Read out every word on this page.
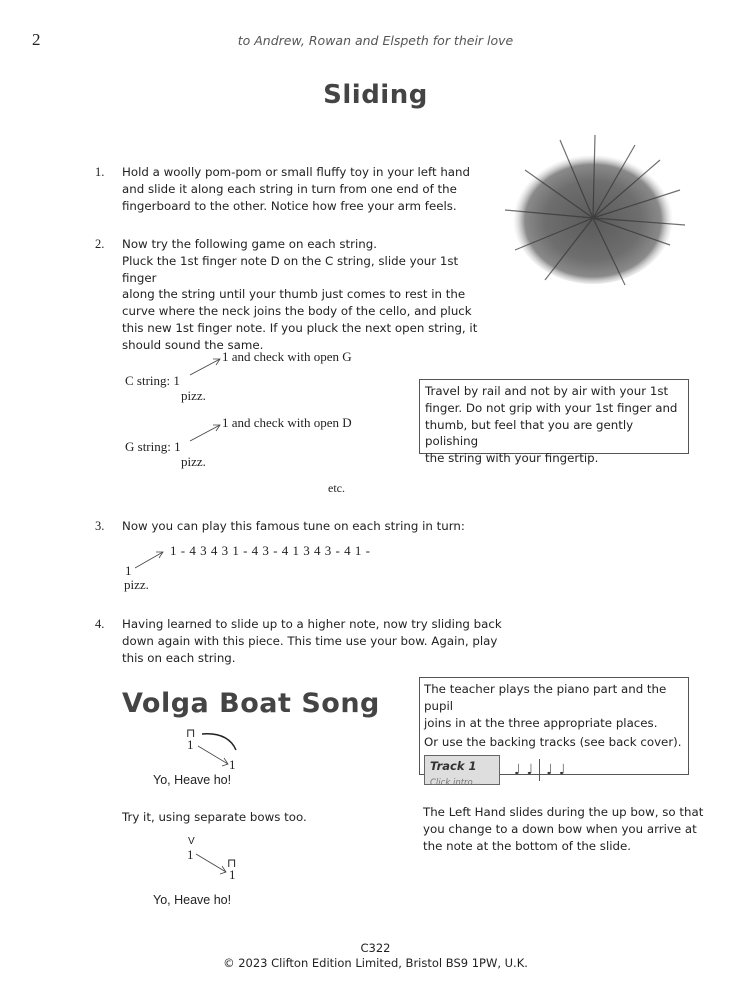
2	to Andrew, Rowan and Elspeth for their love
Sliding
1. Hold a woolly pom-pom or small fluffy toy in your left hand
and slide it along each string in turn from one end of the
fingerboard to the other. Notice how free your arm feels.
2. Now try the following game on each string.
Pluck the 1st finger note D on the C string, slide your 1st finger
along the string until your thumb just comes to rest in the
curve where the neck joins the body of the cello, and pluck
this new 1st finger note. If you pluck the next open string, it
should sound the same.
C string: 1
1 and check with open G
pizz.
G string: 1
1 and check with open D
pizz.
etc.
Travel by rail and not by air with your 1st
finger. Do not grip with your 1st finger and
thumb, but feel that you are gently polishing
the string with your fingertip.
3. Now you can play this famous tune on each string in turn:
1 - 4 3 4 3 1 - 4 3 - 4 1 3 4 3 - 4 1 -
1
pizz.
4. Having learned to slide up to a higher note, now try sliding back
down again with this piece. This time use your bow. Again, play
this on each string.
Volga Boat Song
⊓
1
1
Yo, Heave ho!
Try it, using separate bows too.
V
1
⊓
1
Yo, Heave ho!
The teacher plays the piano part and the pupil
joins in at the three appropriate places.
Or use the backing tracks (see back cover).
Track 1
Click intro...
♩ ♩ ♩ ♩
The Left Hand slides during the up bow, so that
you change to a down bow when you arrive at
the note at the bottom of the slide.
C322
© 2023 Clifton Edition Limited, Bristol BS9 1PW, U.K.
